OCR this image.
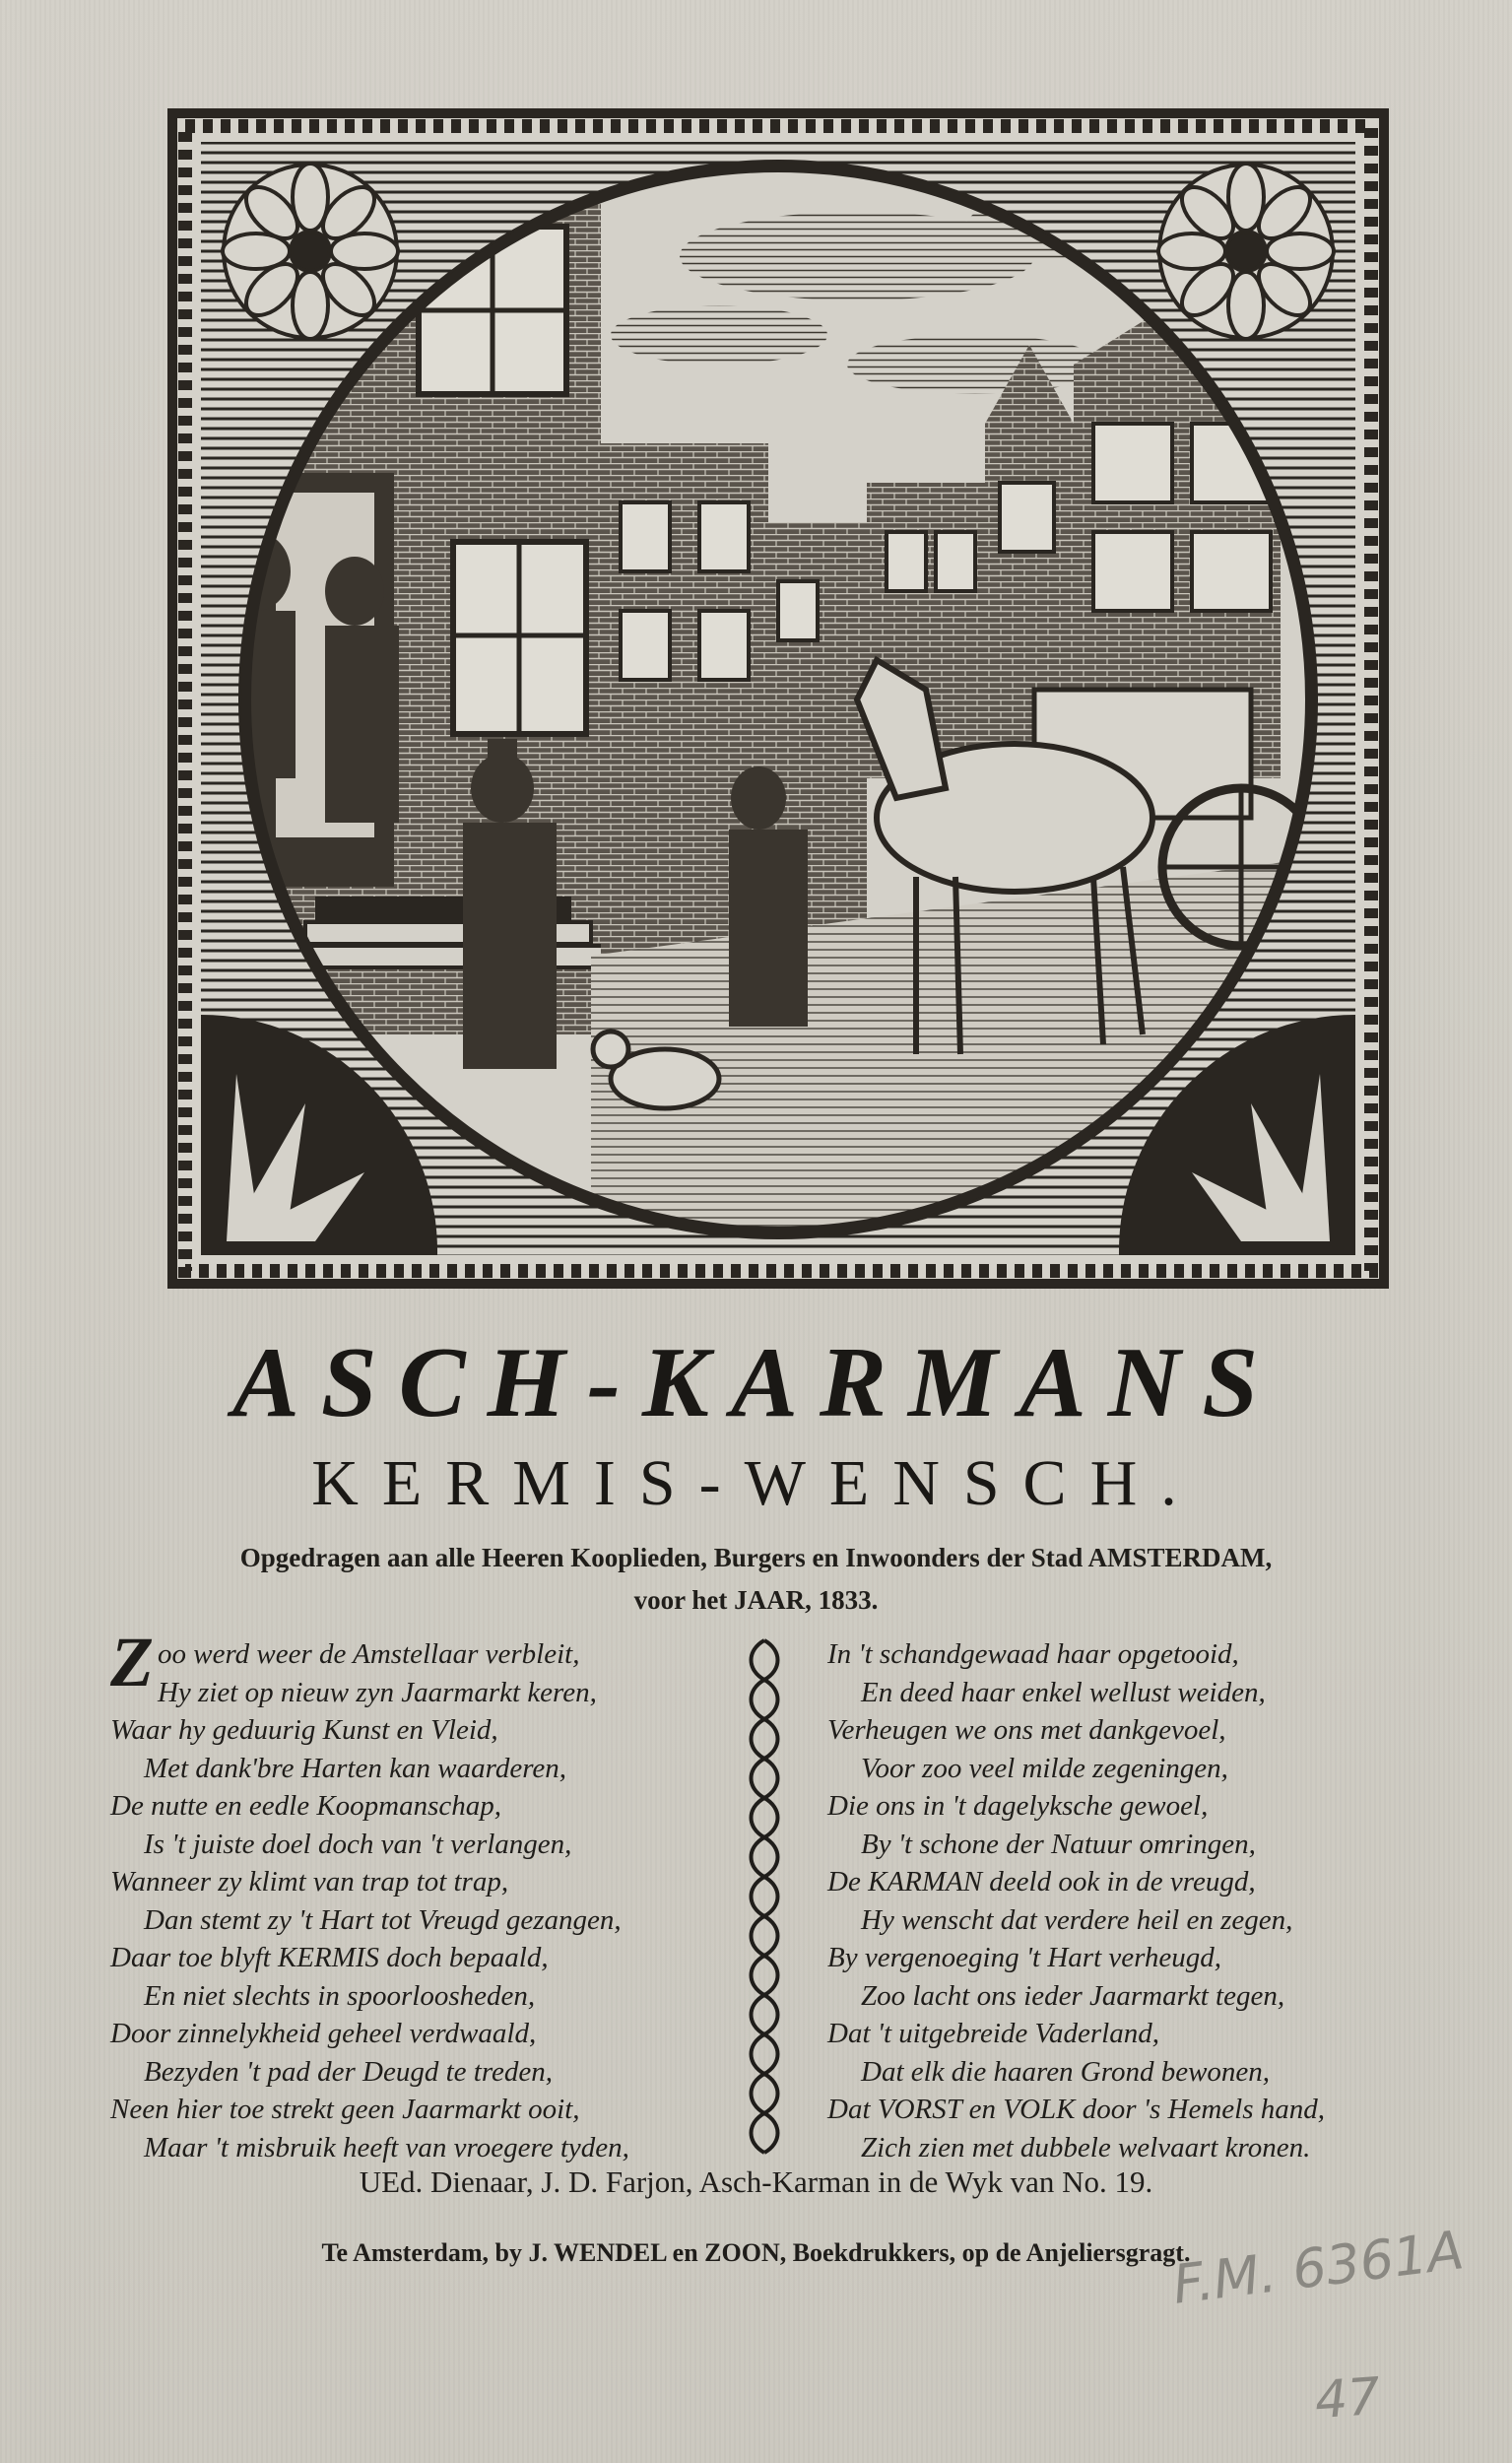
ASCH-KARMANS
KERMIS-WENSCH.
Opgedragen aan alle Heeren Kooplieden, Burgers en Inwoonders der Stad AMSTERDAM,
voor het JAAR, 1833.
Zoo werd weer de Amstellaar verbleit,
Hy ziet op nieuw zyn Jaarmarkt keren,
Waar hy geduurig Kunst en Vleid,
Met dank'bre Harten kan waarderen,
De nutte en eedle Koopmanschap,
Is 't juiste doel doch van 't verlangen,
Wanneer zy klimt van trap tot trap,
Dan stemt zy 't Hart tot Vreugd gezangen,
Daar toe blyft KERMIS doch bepaald,
En niet slechts in spoorloosheden,
Door zinnelykheid geheel verdwaald,
Bezyden 't pad der Deugd te treden,
Neen hier toe strekt geen Jaarmarkt ooit,
Maar 't misbruik heeft van vroegere tyden,
In 't schandgewaad haar opgetooid,
En deed haar enkel wellust weiden,
Verheugen we ons met dankgevoel,
Voor zoo veel milde zegeningen,
Die ons in 't dagelyksche gewoel,
By 't schone der Natuur omringen,
De KARMAN deeld ook in de vreugd,
Hy wenscht dat verdere heil en zegen,
By vergenoeging 't Hart verheugd,
Zoo lacht ons ieder Jaarmarkt tegen,
Dat 't uitgebreide Vaderland,
Dat elk die haaren Grond bewonen,
Dat VORST en VOLK door 's Hemels hand,
Zich zien met dubbele welvaart kronen.
UEd. Dienaar, J. D. Farjon, Asch-Karman in de Wyk van No. 19.
Te Amsterdam, by J. WENDEL en ZOON, Boekdrukkers, op de Anjeliersgragt.
F.M. 6361A
47
